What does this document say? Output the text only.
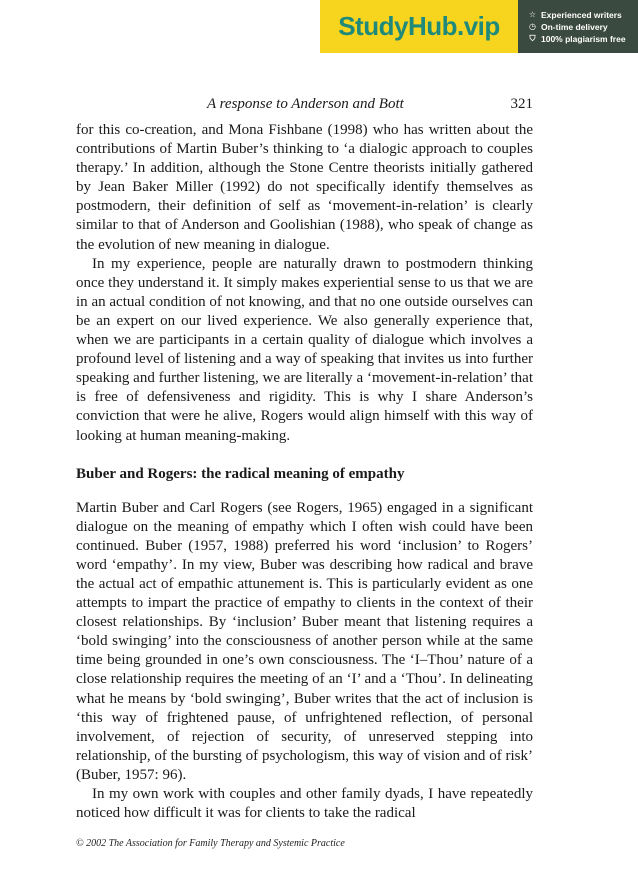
StudyHub.vip	☆ Experienced writers
◷ On-time delivery
⛉ 100% plagiarism free
A response to Anderson and Bott	321

for this co-creation, and Mona Fishbane (1998) who has written about the contributions of Martin Buber’s thinking to ‘a dialogic approach to couples therapy.’ In addition, although the Stone Centre theorists initially gathered by Jean Baker Miller (1992) do not specifically identify themselves as postmodern, their definition of self as ‘movement-in-relation’ is clearly similar to that of Anderson and Goolishian (1988), who speak of change as the evolution of new meaning in dialogue.

In my experience, people are naturally drawn to postmodern thinking once they understand it. It simply makes experiential sense to us that we are in an actual condition of not knowing, and that no one outside ourselves can be an expert on our lived experience. We also generally experience that, when we are participants in a certain quality of dialogue which involves a profound level of listening and a way of speaking that invites us into further speaking and further listening, we are literally a ‘movement-in-relation’ that is free of defensiveness and rigidity. This is why I share Anderson’s conviction that were he alive, Rogers would align himself with this way of looking at human meaning-making.

Buber and Rogers: the radical meaning of empathy

Martin Buber and Carl Rogers (see Rogers, 1965) engaged in a significant dialogue on the meaning of empathy which I often wish could have been continued. Buber (1957, 1988) preferred his word ‘inclusion’ to Rogers’ word ‘empathy’. In my view, Buber was describing how radical and brave the actual act of empathic attunement is. This is particularly evident as one attempts to impart the practice of empathy to clients in the context of their closest relationships. By ‘inclusion’ Buber meant that listening requires a ‘bold swinging’ into the consciousness of another person while at the same time being grounded in one’s own consciousness. The ‘I–Thou’ nature of a close relationship requires the meeting of an ‘I’ and a ‘Thou’. In delineating what he means by ‘bold swinging’, Buber writes that the act of inclusion is ‘this way of frightened pause, of unfrightened reflection, of personal involvement, of rejection of security, of unreserved stepping into relationship, of the bursting of psychologism, this way of vision and of risk’ (Buber, 1957: 96).

In my own work with couples and other family dyads, I have repeatedly noticed how difficult it was for clients to take the radical

© 2002 The Association for Family Therapy and Systemic Practice
